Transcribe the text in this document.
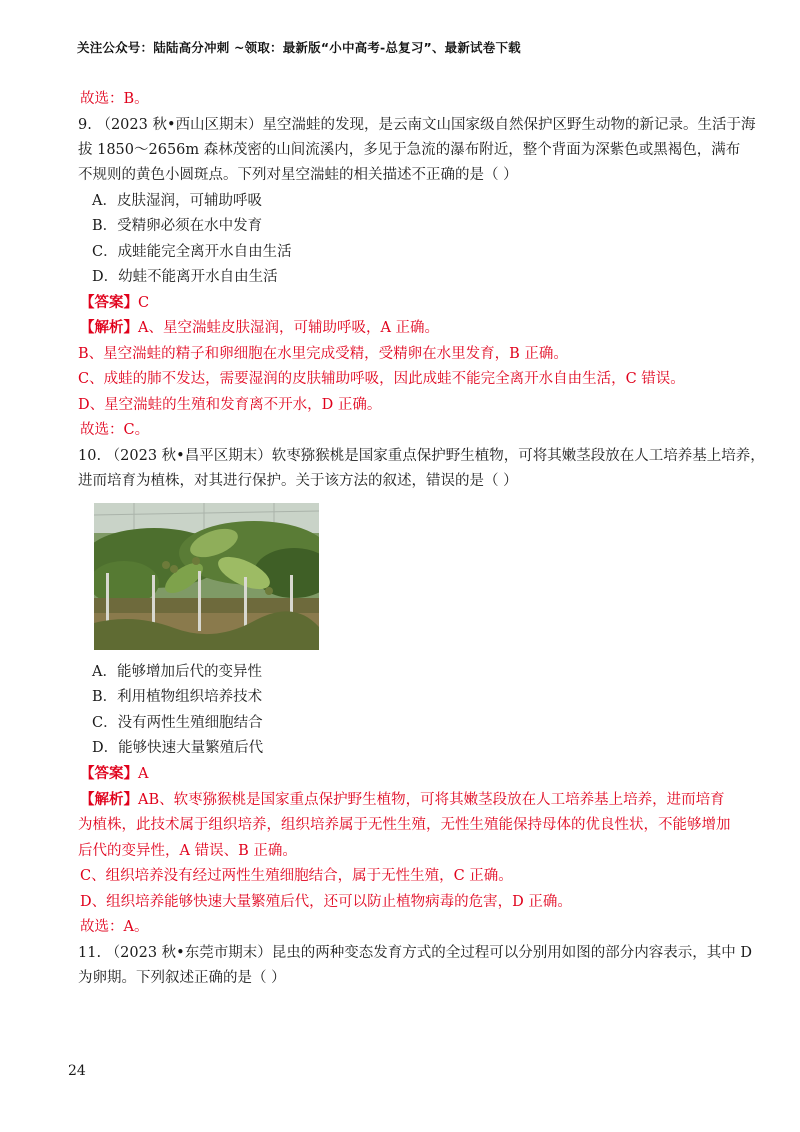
关注公众号：陆陆高分冲刺 ~领取：最新版“小中高考-总复习”、最新试卷下载
故选：B。
9. （2023 秋•西山区期末）星空湍蛙的发现，是云南文山国家级自然保护区野生动物的新记录。生活于海
拔 1850～2656m 森林茂密的山间流溪内，多见于急流的瀑布附近，整个背面为深紫色或黑褐色，满布
不规则的黄色小圆斑点。下列对星空湍蛙的相关描述不正确的是（ ）
A．皮肤湿润，可辅助呼吸
B．受精卵必须在水中发育
C．成蛙能完全离开水自由生活
D．幼蛙不能离开水自由生活
【答案】C
【解析】A、星空湍蛙皮肤湿润，可辅助呼吸，A 正确。
B、星空湍蛙的精子和卵细胞在水里完成受精，受精卵在水里发育，B 正确。
C、成蛙的肺不发达，需要湿润的皮肤辅助呼吸，因此成蛙不能完全离开水自由生活，C 错误。
D、星空湍蛙的生殖和发育离不开水，D 正确。
故选：C。
10. （2023 秋•昌平区期末）软枣猕猴桃是国家重点保护野生植物，可将其嫩茎段放在人工培养基上培养，
进而培育为植株，对其进行保护。关于该方法的叙述，错误的是（ ）
A．能够增加后代的变异性
B．利用植物组织培养技术
C．没有两性生殖细胞结合
D．能够快速大量繁殖后代
【答案】A
【解析】AB、软枣猕猴桃是国家重点保护野生植物，可将其嫩茎段放在人工培养基上培养，进而培育
为植株，此技术属于组织培养，组织培养属于无性生殖，无性生殖能保持母体的优良性状，不能够增加
后代的变异性，A 错误、B 正确。
C、组织培养没有经过两性生殖细胞结合，属于无性生殖，C 正确。
D、组织培养能够快速大量繁殖后代，还可以防止植物病毒的危害，D 正确。
故选：A。
11. （2023 秋•东莞市期末）昆虫的两种变态发育方式的全过程可以分别用如图的部分内容表示，其中 D
为卵期。下列叙述正确的是（ ）
24
